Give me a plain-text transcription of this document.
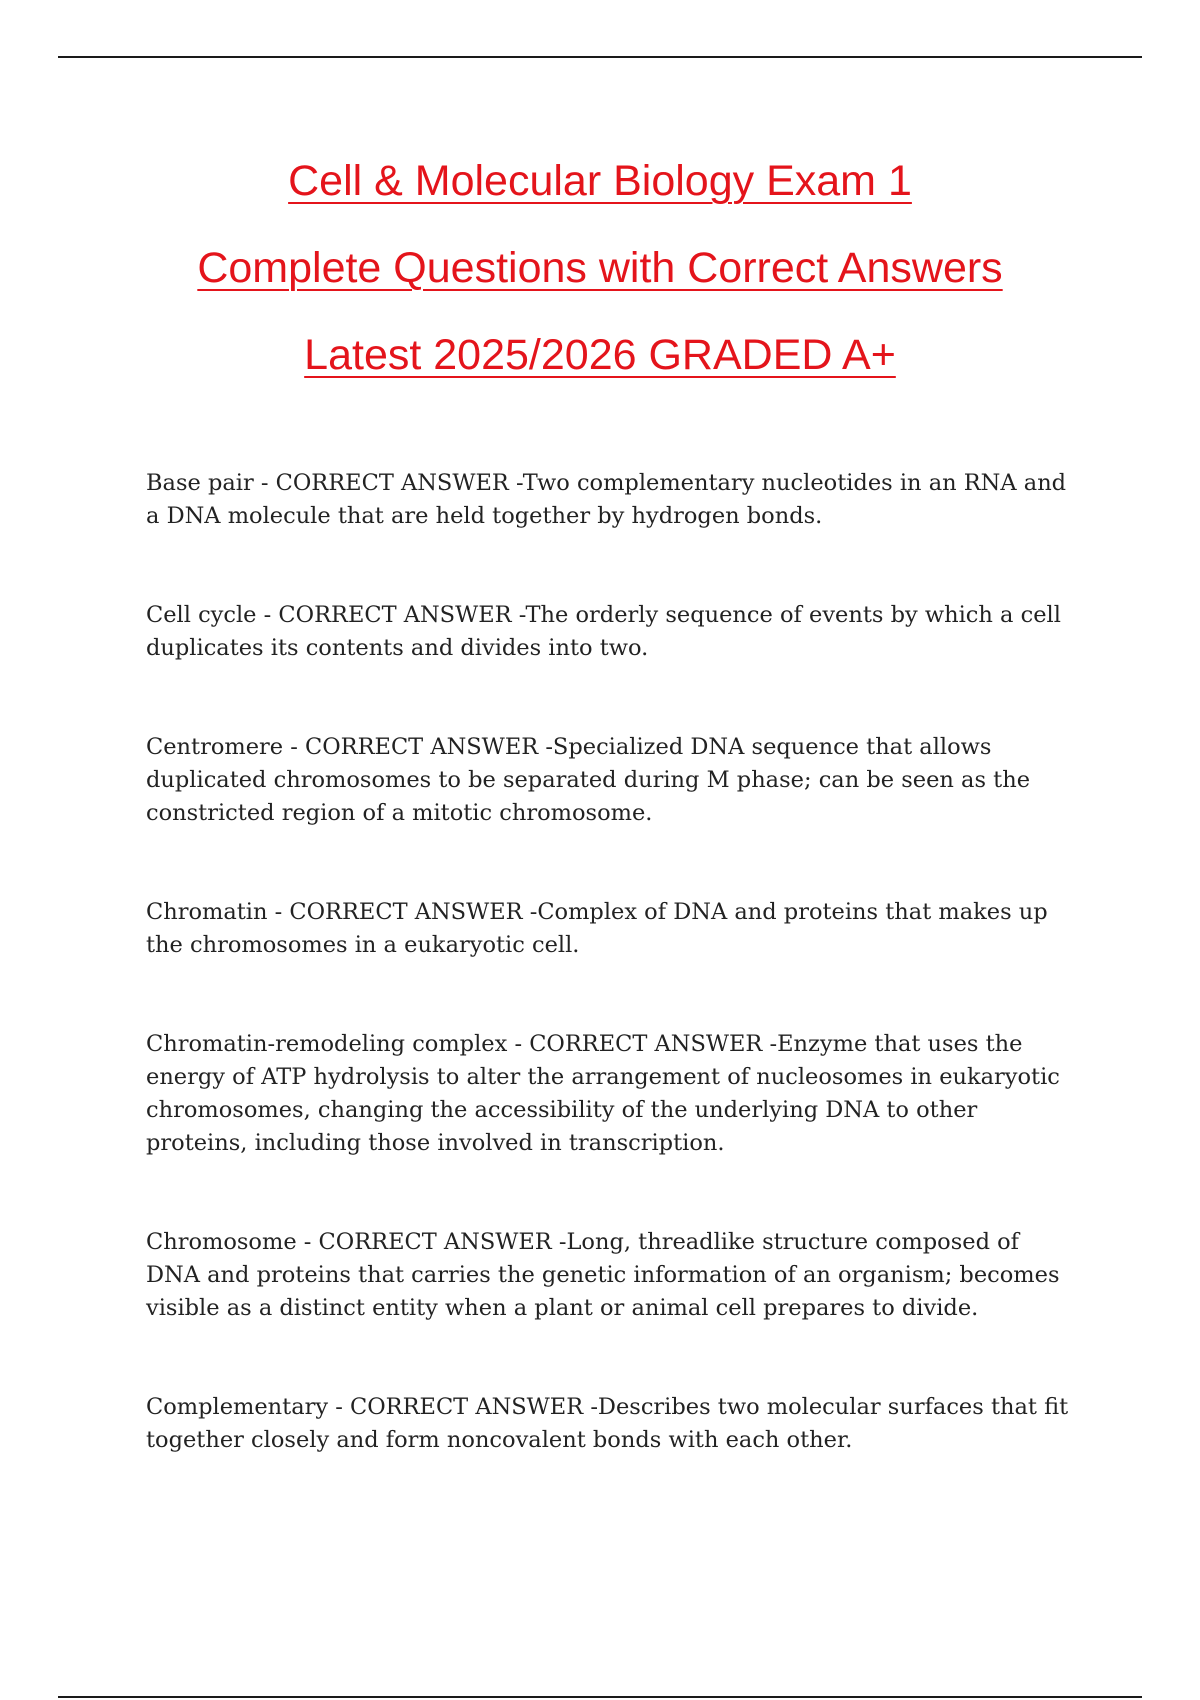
Cell & Molecular Biology Exam 1
Complete Questions with Correct Answers
Latest 2025/2026 GRADED A+

Base pair - CORRECT ANSWER -Two complementary nucleotides in an RNA and a DNA molecule that are held together by hydrogen bonds.

Cell cycle - CORRECT ANSWER -The orderly sequence of events by which a cell duplicates its contents and divides into two.

Centromere - CORRECT ANSWER -Specialized DNA sequence that allows duplicated chromosomes to be separated during M phase; can be seen as the constricted region of a mitotic chromosome.

Chromatin - CORRECT ANSWER -Complex of DNA and proteins that makes up the chromosomes in a eukaryotic cell.

Chromatin-remodeling complex - CORRECT ANSWER -Enzyme that uses the energy of ATP hydrolysis to alter the arrangement of nucleosomes in eukaryotic chromosomes, changing the accessibility of the underlying DNA to other proteins, including those involved in transcription.

Chromosome - CORRECT ANSWER -Long, threadlike structure composed of DNA and proteins that carries the genetic information of an organism; becomes visible as a distinct entity when a plant or animal cell prepares to divide.

Complementary - CORRECT ANSWER -Describes two molecular surfaces that fit together closely and form noncovalent bonds with each other.
